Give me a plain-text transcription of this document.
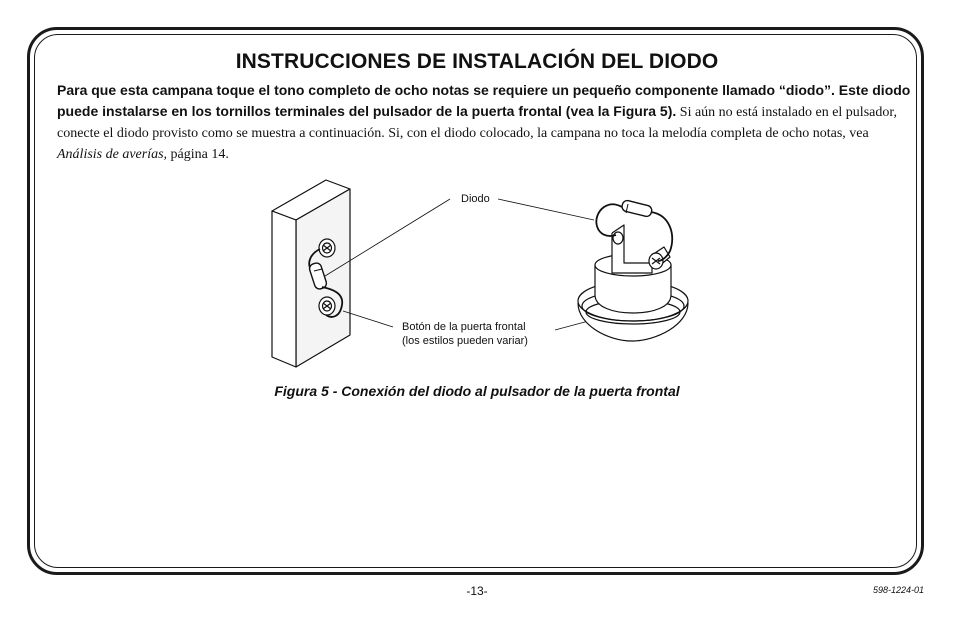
INSTRUCCIONES DE INSTALACIÓN DEL DIODO

Para que esta campana toque el tono completo de ocho notas se requiere un pequeño componente llamado “diodo”. Este diodo puede instalarse en los tornillos terminales del pulsador de la puerta frontal (vea la Figura 5). Si aún no está instalado en el pulsador, conecte el diodo provisto como se muestra a continuación. Si, con el diodo colocado, la campana no toca la melodía completa de ocho notas, vea Análisis de averías, página 14.

Diodo
Botón de la puerta frontal
(los estilos pueden variar)
Figura 5 - Conexión del diodo al pulsador de la puerta frontal
-13-	598-1224-01
